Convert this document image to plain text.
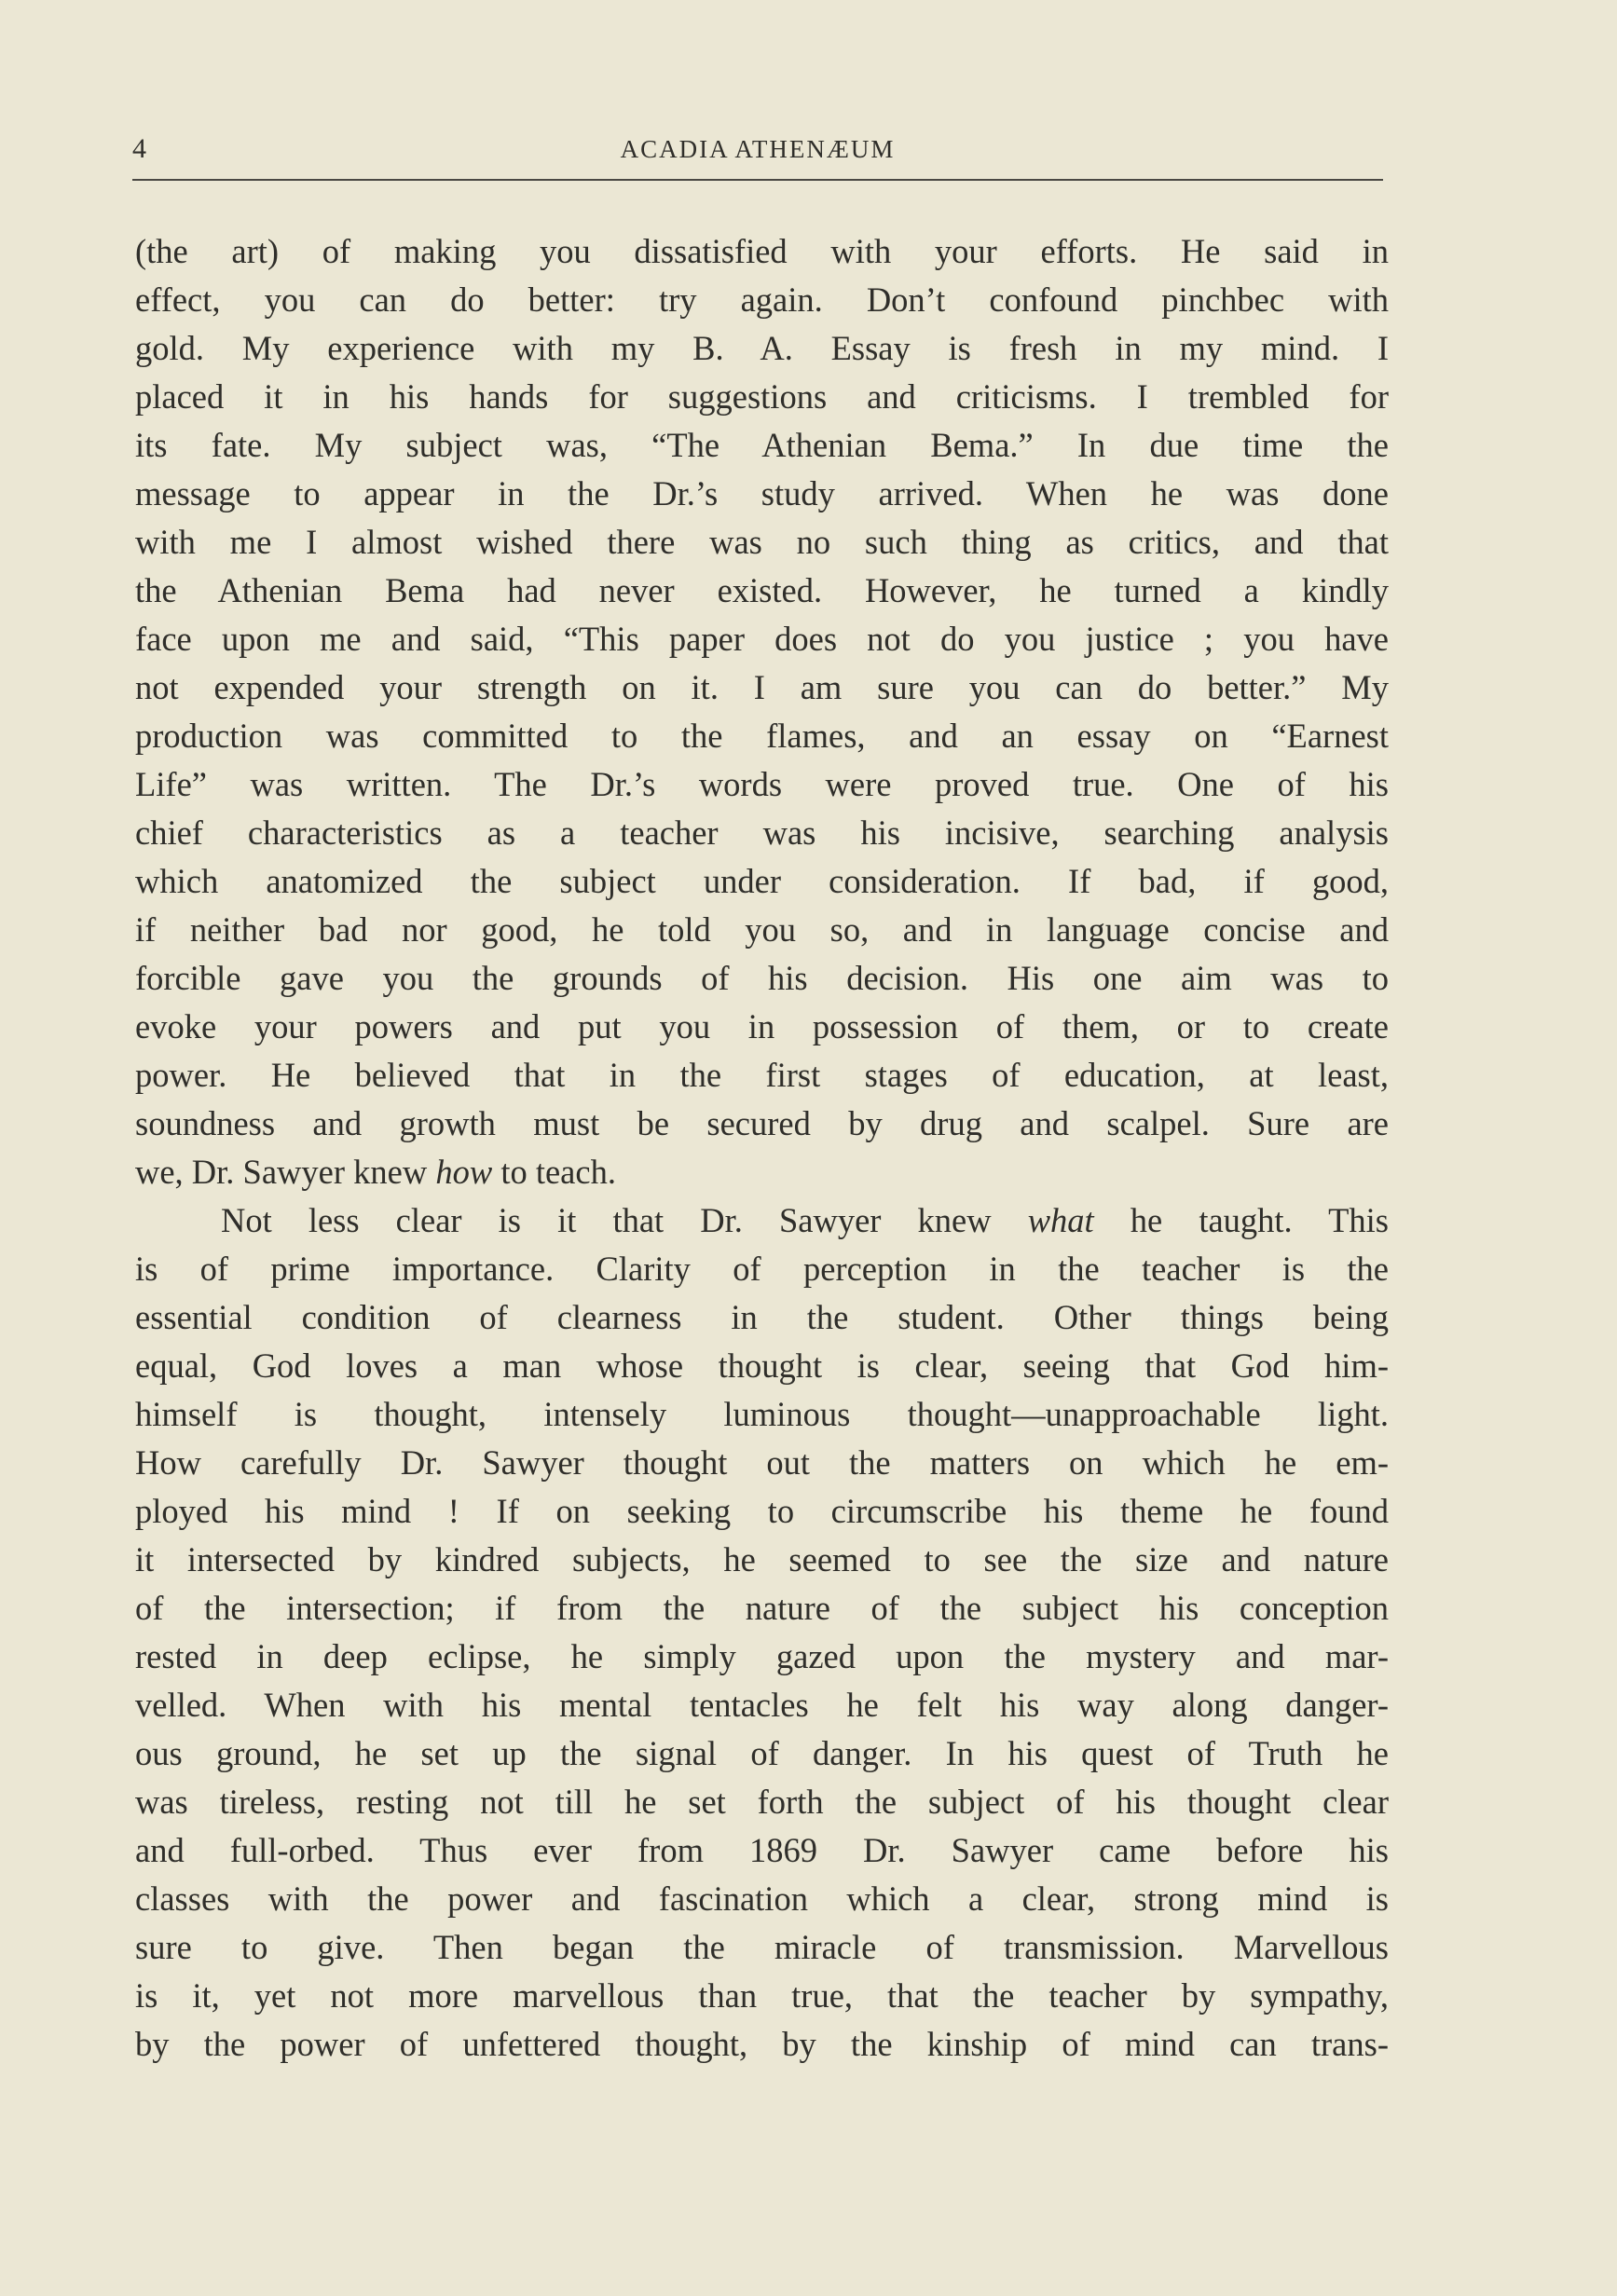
4	ACADIA ATHENÆUM
(the art) of making you dissatisfied with your efforts. He said in
effect, you can do better: try again. Don’t confound pinchbec with
gold. My experience with my B. A. Essay is fresh in my mind. I
placed it in his hands for suggestions and criticisms. I trembled for
its fate. My subject was, “The Athenian Bema.” In due time the
message to appear in the Dr.’s study arrived. When he was done
with me I almost wished there was no such thing as critics, and that
the Athenian Bema had never existed. However, he turned a kindly
face upon me and said, “This paper does not do you justice ; you have
not expended your strength on it. I am sure you can do better.” My
production was committed to the flames, and an essay on “Earnest
Life” was written. The Dr.’s words were proved true. One of his
chief characteristics as a teacher was his incisive, searching analysis
which anatomized the subject under consideration. If bad, if good,
if neither bad nor good, he told you so, and in language concise and
forcible gave you the grounds of his decision. His one aim was to
evoke your powers and put you in possession of them, or to create
power. He believed that in the first stages of education, at least,
soundness and growth must be secured by drug and scalpel. Sure are
we, Dr. Sawyer knew how to teach.
Not less clear is it that Dr. Sawyer knew what he taught. This
is of prime importance. Clarity of perception in the teacher is the
essential condition of clearness in the student. Other things being
equal, God loves a man whose thought is clear, seeing that God him-
himself is thought, intensely luminous thought—unapproachable light.
How carefully Dr. Sawyer thought out the matters on which he em-
ployed his mind ! If on seeking to circumscribe his theme he found
it intersected by kindred subjects, he seemed to see the size and nature
of the intersection; if from the nature of the subject his conception
rested in deep eclipse, he simply gazed upon the mystery and mar-
velled. When with his mental tentacles he felt his way along danger-
ous ground, he set up the signal of danger. In his quest of Truth he
was tireless, resting not till he set forth the subject of his thought clear
and full-orbed. Thus ever from 1869 Dr. Sawyer came before his
classes with the power and fascination which a clear, strong mind is
sure to give. Then began the miracle of transmission. Marvellous
is it, yet not more marvellous than true, that the teacher by sympathy,
by the power of unfettered thought, by the kinship of mind can trans-
